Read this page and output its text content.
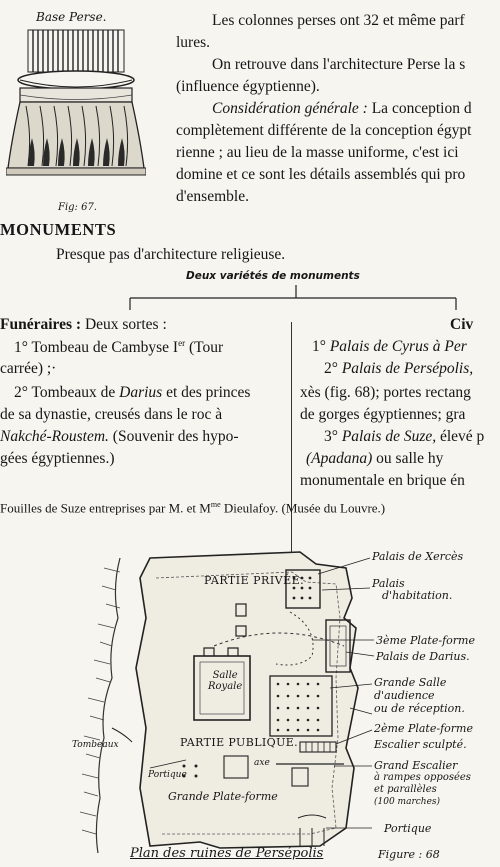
Base Perse.
Fig: 67.
Les colonnes perses ont 32 et même parf
lures.
On retrouve dans l'architecture Perse la s
(influence égyptienne).
Considération générale : La conception d
complètement différente de la conception égypt
rienne ; au lieu de la masse uniforme, c'est ici
domine et ce sont les détails assemblés qui pro
d'ensemble.
MONUMENTS
Presque pas d'architecture religieuse.
Deux variétés de monuments
Funéraires : Deux sortes :
1° Tombeau de Cambyse Ier (Tour
carrée) ;·
2° Tombeaux de Darius et des princes
de sa dynastie, creusés dans le roc à
Nakché-Roustem. (Souvenir des hypo-
gées égyptiennes.)
Civ
1° Palais de Cyrus à Per
2° Palais de Persépolis,
xès (fig. 68); portes rectang
de gorges égyptiennes; gra
3° Palais de Suze, élevé p
(Apadana) ou salle hy
monumentale en brique én
Fouilles de Suze entreprises par M. et $M^{me}$ Dieulafoy. (Musée du Louvre.)
PARTIE PRIVÉE.
Salle
Royale
PARTIE PUBLIQUE.
Tombeaux
Portique
axe
Grande Plate-forme
Palais de Xercès
Palais
d'habitation.
3ème Plate-forme
Palais de Darius.
Grande Salle
d'audience
ou de réception.
2ème Plate-forme
Escalier sculpté.
Grand Escalier
à rampes opposées
et parallèles
(100 marches)
Portique
Plan des ruines de Persépolis	Figure : 68
